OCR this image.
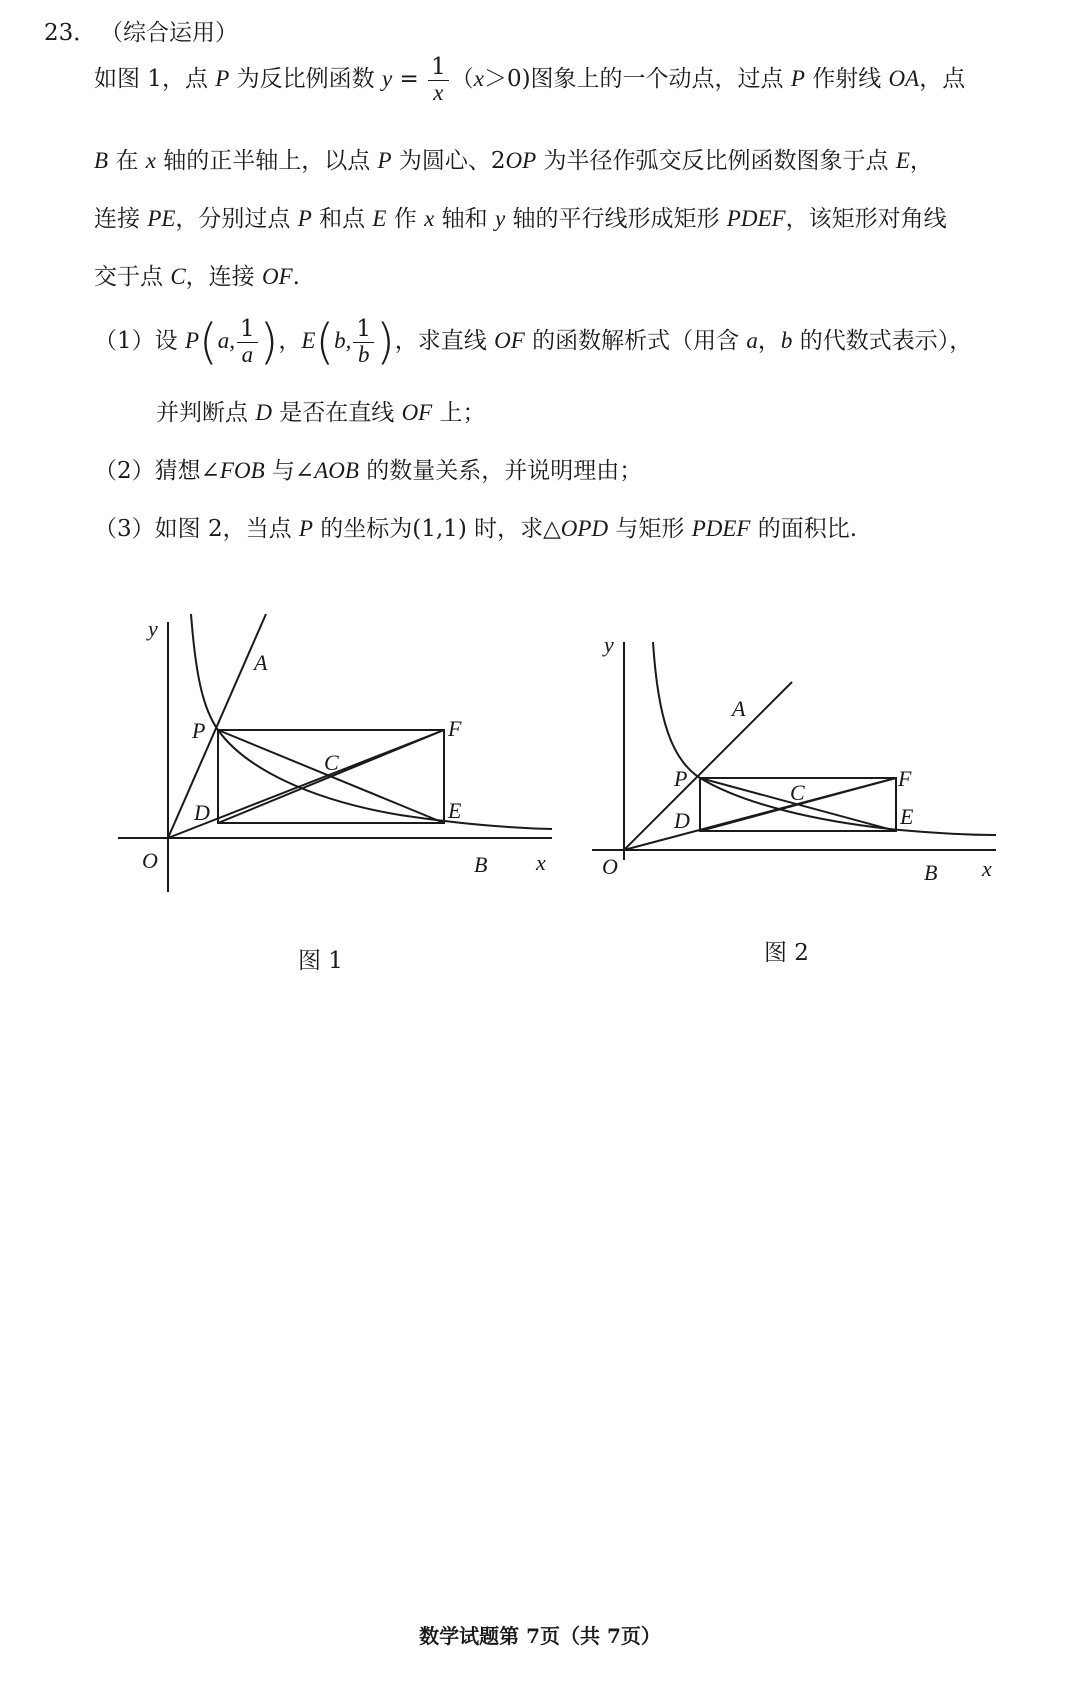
23． （综合运用）
如图 1，点 P 为反比例函数 $y = \frac{1}{x} (x>0)$图象上的一个动点，过点 P 作射线 OA，点
B 在 x 轴的正半轴上，以点 P 为圆心、2OP 为半径作弧交反比例函数图象于点 E，
连接 PE，分别过点 P 和点 E 作 x 轴和 y 轴的平行线形成矩形 PDEF，该矩形对角线
交于点 C，连接 OF.
（1）设 P(a, $\frac{1}{a}$ )，E(b, $\frac{1}{b}$ )，求直线 OF 的函数解析式（用含 a，b 的代数式表示），
并判断点 D 是否在直线 OF 上；
（2）猜想∠FOB 与∠AOB 的数量关系，并说明理由；
（3）如图 2，当点 P 的坐标为(1,1) 时，求△OPD 与矩形 PDEF 的面积比.
y
A
P	F
C
D	E
O	B x
图 1
y
A
P	F
C
D	E
O	B x
图 2
数学试题第 7页（共 7页）
